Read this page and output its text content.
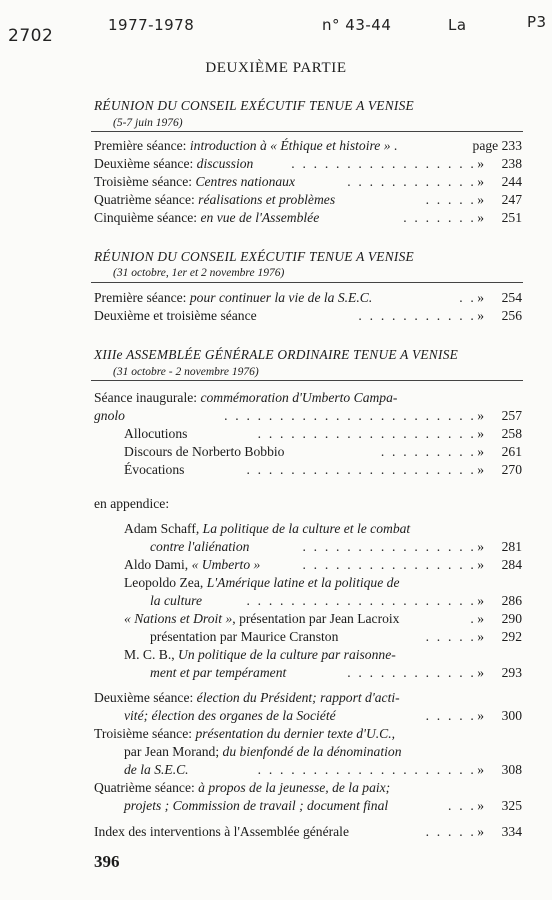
2702
1977-1978	n° 43-44	La	P3
DEUXIÈME PARTIE
RÉUNION DU CONSEIL EXÉCUTIF TENUE A VENISE
(5-7 juin 1976)
Première séance: introduction à « Éthique et histoire » .	page 233
Deuxième séance: discussion	. . . . . . . . . . . . . . . . . » 238
Troisième séance: Centres nationaux	. . . . . . . . . . . . » 244
Quatrième séance: réalisations et problèmes	. . . . . » 247
Cinquième séance: en vue de l'Assemblée	. . . . . . . » 251
RÉUNION DU CONSEIL EXÉCUTIF TENUE A VENISE
(31 octobre, 1er et 2 novembre 1976)
Première séance: pour continuer la vie de la S.E.C.	. . » 254
Deuxième et troisième séance	. . . . . . . . . . . » 256
XIIIe ASSEMBLÉE GÉNÉRALE ORDINAIRE TENUE A VENISE
(31 octobre - 2 novembre 1976)
Séance inaugurale: commémoration d'Umberto Campa-
gnolo	. . . . . . . . . . . . . . . . . . . . . . . » 257
Allocutions	. . . . . . . . . . . . . . . . . . . . » 258
Discours de Norberto Bobbio	. . . . . . . . . » 261
Évocations	. . . . . . . . . . . . . . . . . . . . . » 270
en appendice:
Adam Schaff, La politique de la culture et le combat
contre l'aliénation	. . . . . . . . . . . . . . . . » 281
Aldo Dami, « Umberto »	. . . . . . . . . . . . . . . . » 284
Leopoldo Zea, L'Amérique latine et la politique de
la culture	. . . . . . . . . . . . . . . . . . . . . » 286
« Nations et Droit », présentation par Jean Lacroix	. » 290
présentation par Maurice Cranston	. . . . . » 292
M. C. B., Un politique de la culture par raisonne-
ment et par tempérament	. . . . . . . . . . . . » 293
Deuxième séance: élection du Président; rapport d'acti-
vité; élection des organes de la Société	. . . . . » 300
Troisième séance: présentation du dernier texte d'U.C.,
par Jean Morand; du bienfondé de la dénomination
de la S.E.C.	. . . . . . . . . . . . . . . . . . . . » 308
Quatrième séance: à propos de la jeunesse, de la paix;
projets ; Commission de travail ; document final	. . . » 325
Index des interventions à l'Assemblée générale	. . . . . » 334
396
